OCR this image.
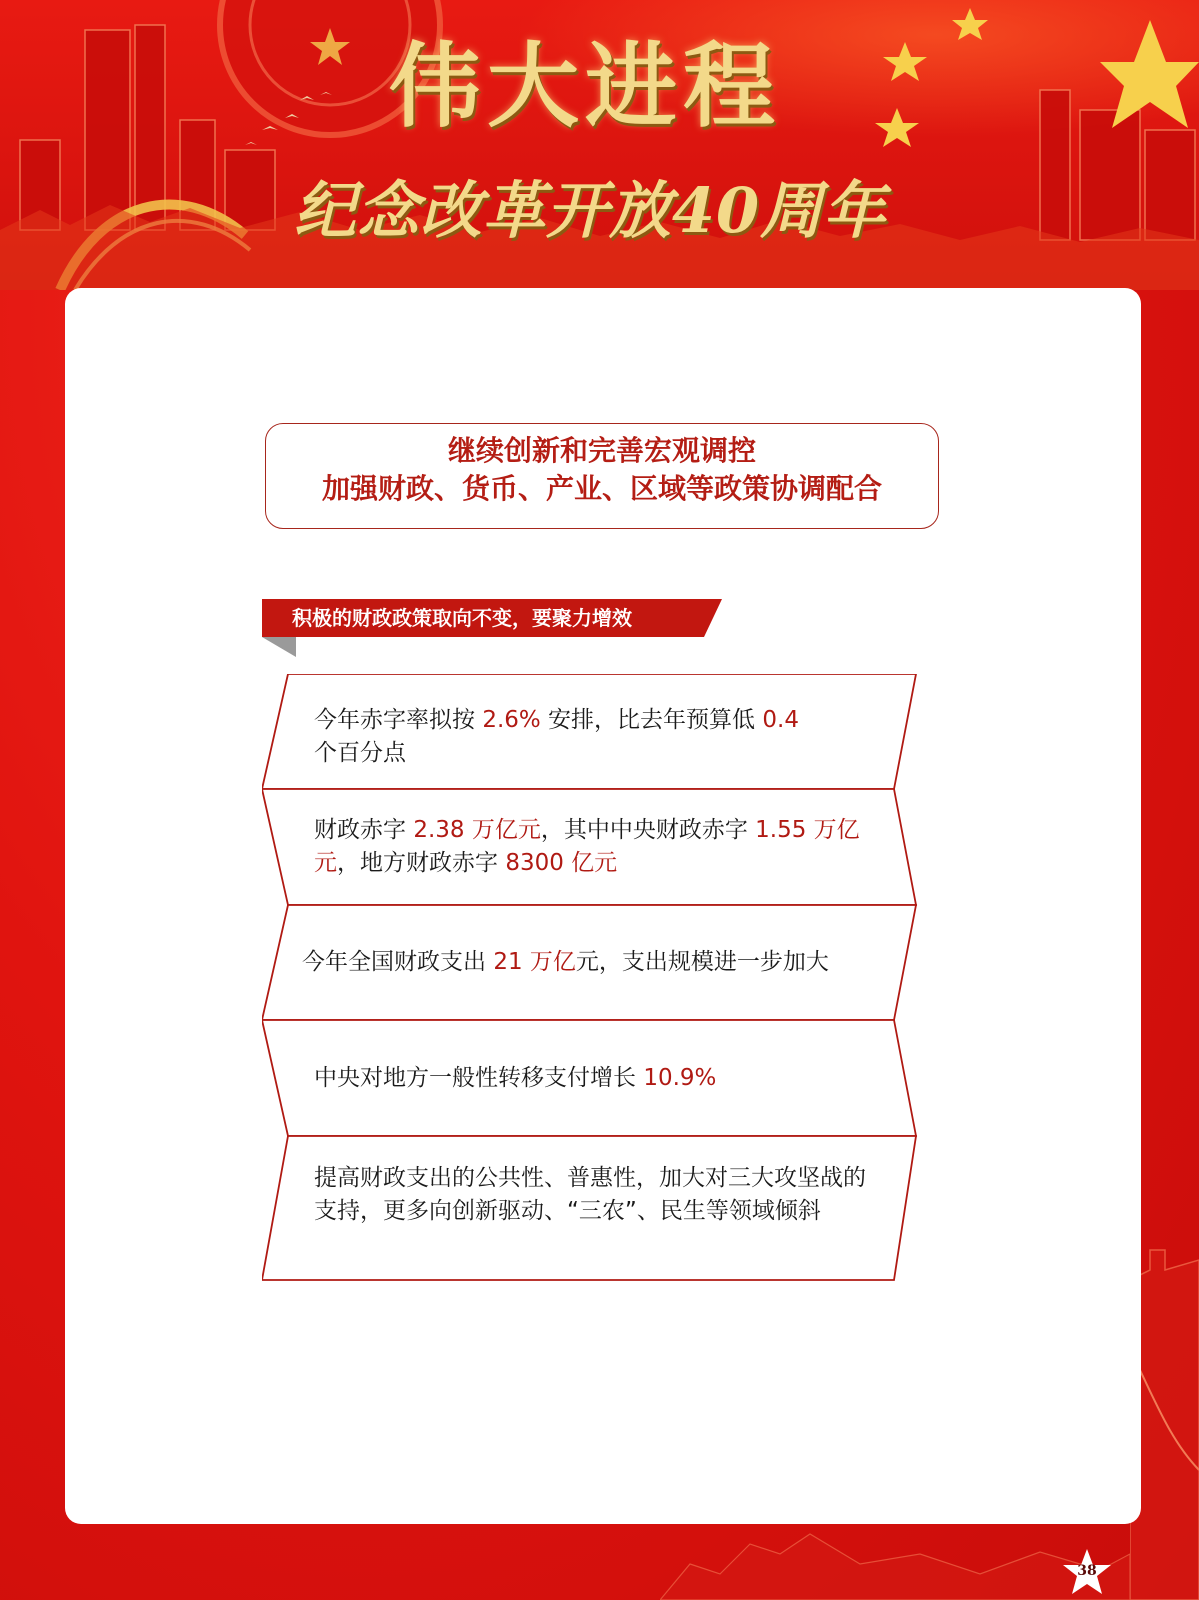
伟大进程
纪念改革开放40周年
继续创新和完善宏观调控
加强财政、货币、产业、区域等政策协调配合
积极的财政政策取向不变，要聚力增效
今年赤字率拟按 2.6% 安排，比去年预算低 0.4
个百分点
财政赤字 2.38 万亿元，其中中央财政赤字 1.55 万亿元，地方财政赤字 8300 亿元
今年全国财政支出 21 万亿元，支出规模进一步加大
中央对地方一般性转移支付增长 10.9%
提高财政支出的公共性、普惠性，加大对三大攻坚战的支持，更多向创新驱动、“三农”、民生等领域倾斜
38
